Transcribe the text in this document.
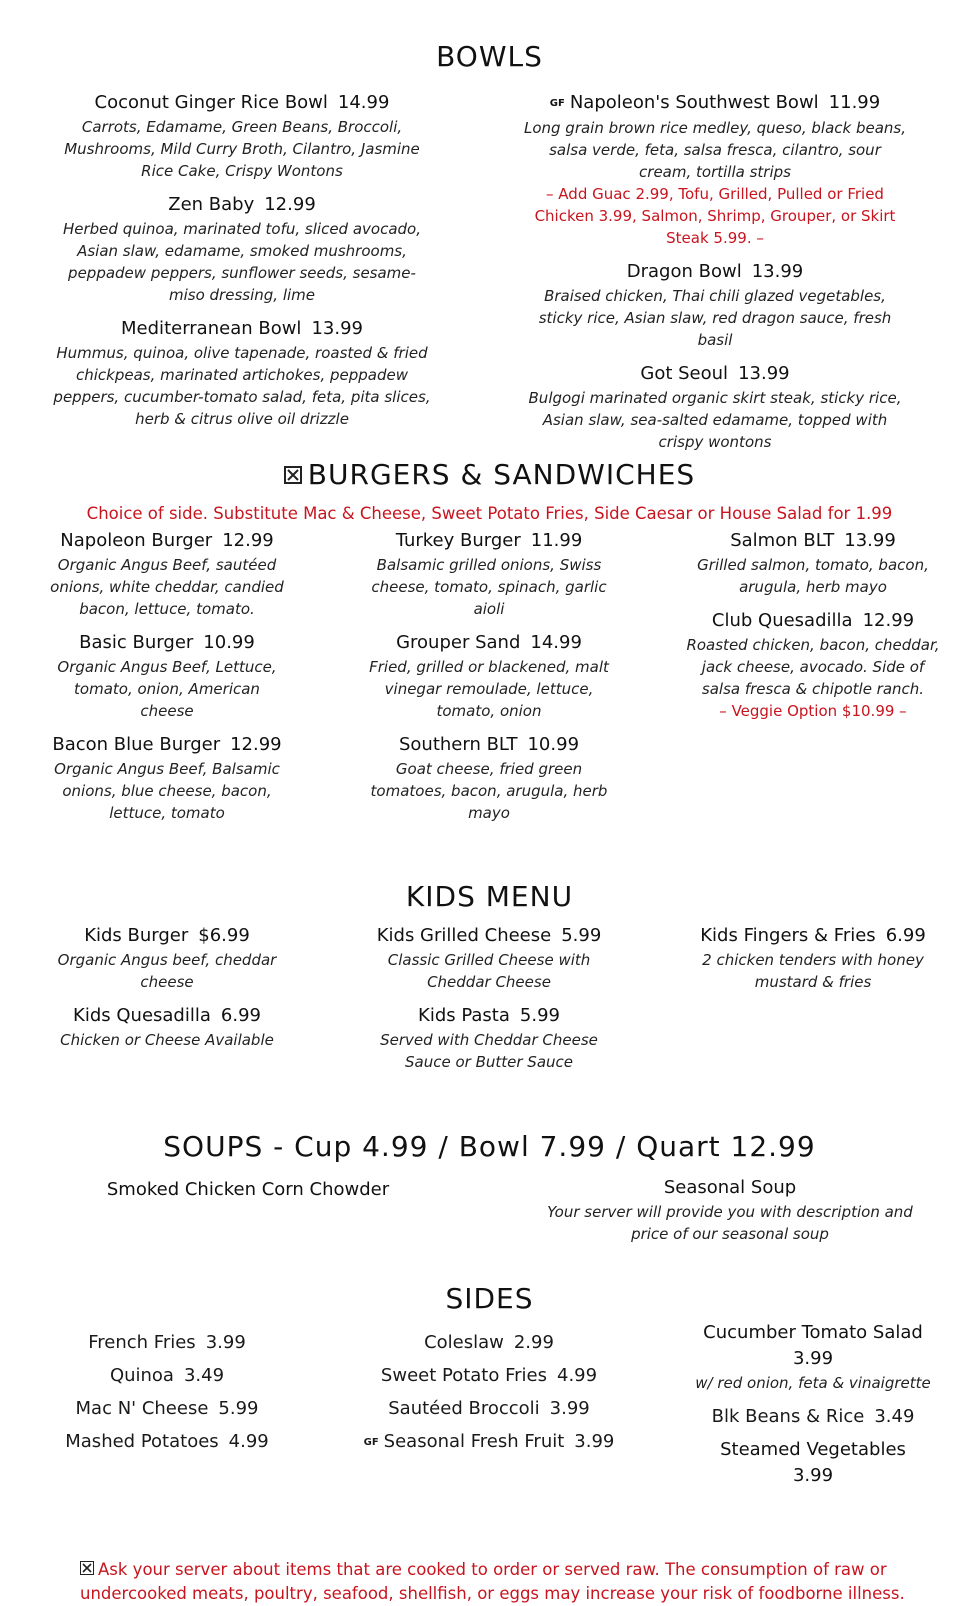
BOWLS
Coconut Ginger Rice Bowl 14.99
Carrots, Edamame, Green Beans, Broccoli, Mushrooms, Mild Curry Broth, Cilantro, Jasmine Rice Cake, Crispy Wontons
Zen Baby 12.99
Herbed quinoa, marinated tofu, sliced avocado, Asian slaw, edamame, smoked mushrooms, peppadew peppers, sunflower seeds, sesame-miso dressing, lime
Mediterranean Bowl 13.99
Hummus, quinoa, olive tapenade, roasted & fried chickpeas, marinated artichokes, peppadew peppers, cucumber-tomato salad, feta, pita slices, herb & citrus olive oil drizzle
GF Napoleon's Southwest Bowl 11.99
Long grain brown rice medley, queso, black beans, salsa verde, feta, salsa fresca, cilantro, sour cream, tortilla strips
– Add Guac 2.99, Tofu, Grilled, Pulled or Fried Chicken 3.99, Salmon, Shrimp, Grouper, or Skirt Steak 5.99. –
Dragon Bowl 13.99
Braised chicken, Thai chili glazed vegetables, sticky rice, Asian slaw, red dragon sauce, fresh basil
Got Seoul 13.99
Bulgogi marinated organic skirt steak, sticky rice, Asian slaw, sea-salted edamame, topped with crispy wontons
BURGERS & SANDWICHES
Choice of side. Substitute Mac & Cheese, Sweet Potato Fries, Side Caesar or House Salad for 1.99
Napoleon Burger 12.99
Organic Angus Beef, sautéed onions, white cheddar, candied bacon, lettuce, tomato.
Basic Burger 10.99
Organic Angus Beef, Lettuce, tomato, onion, American cheese
Bacon Blue Burger 12.99
Organic Angus Beef, Balsamic onions, blue cheese, bacon, lettuce, tomato
Turkey Burger 11.99
Balsamic grilled onions, Swiss cheese, tomato, spinach, garlic aioli
Grouper Sand 14.99
Fried, grilled or blackened, malt vinegar remoulade, lettuce, tomato, onion
Southern BLT 10.99
Goat cheese, fried green tomatoes, bacon, arugula, herb mayo
Salmon BLT 13.99
Grilled salmon, tomato, bacon, arugula, herb mayo
Club Quesadilla 12.99
Roasted chicken, bacon, cheddar, jack cheese, avocado. Side of salsa fresca & chipotle ranch.
– Veggie Option $10.99 –
KIDS MENU
Kids Burger $6.99
Organic Angus beef, cheddar cheese
Kids Quesadilla 6.99
Chicken or Cheese Available
Kids Grilled Cheese 5.99
Classic Grilled Cheese with Cheddar Cheese
Kids Pasta 5.99
Served with Cheddar Cheese Sauce or Butter Sauce
Kids Fingers & Fries 6.99
2 chicken tenders with honey mustard & fries
SOUPS - Cup 4.99 / Bowl 7.99 / Quart 12.99
Smoked Chicken Corn Chowder	Seasonal Soup
Your server will provide you with description and price of our seasonal soup
SIDES
French Fries 3.99
Quinoa 3.49
Mac N' Cheese 5.99
Mashed Potatoes 4.99
Coleslaw 2.99
Sweet Potato Fries 4.99
Sautéed Broccoli 3.99
GF Seasonal Fresh Fruit 3.99
Cucumber Tomato Salad
3.99
w/ red onion, feta & vinaigrette
Blk Beans & Rice 3.49
Steamed Vegetables
3.99
Ask your server about items that are cooked to order or served raw. The consumption of raw or undercooked meats, poultry, seafood, shellfish, or eggs may increase your risk of foodborne illness.
